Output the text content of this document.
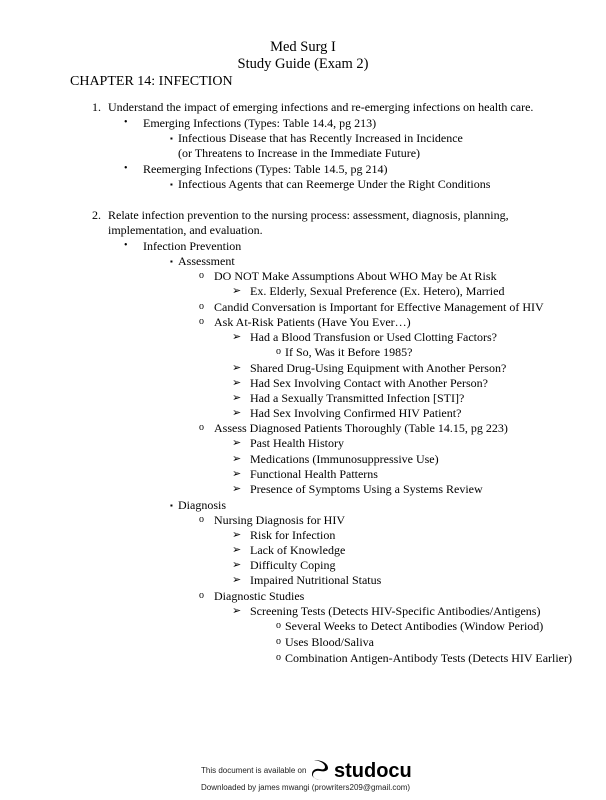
Med Surg I
Study Guide (Exam 2)
CHAPTER 14: INFECTION
1. Understand the impact of emerging infections and re-emerging infections on health care.
• Emerging Infections (Types: Table 14.4, pg 213)
▪ Infectious Disease that has Recently Increased in Incidence
(or Threatens to Increase in the Immediate Future)
• Reemerging Infections (Types: Table 14.5, pg 214)
▪ Infectious Agents that can Reemerge Under the Right Conditions
2. Relate infection prevention to the nursing process: assessment, diagnosis, planning,
implementation, and evaluation.
• Infection Prevention
▪ Assessment
o DO NOT Make Assumptions About WHO May be At Risk
➢ Ex. Elderly, Sexual Preference (Ex. Hetero), Married
o Candid Conversation is Important for Effective Management of HIV
o Ask At-Risk Patients (Have You Ever…)
➢ Had a Blood Transfusion or Used Clotting Factors?
o If So, Was it Before 1985?
➢ Shared Drug-Using Equipment with Another Person?
➢ Had Sex Involving Contact with Another Person?
➢ Had a Sexually Transmitted Infection [STI]?
➢ Had Sex Involving Confirmed HIV Patient?
o Assess Diagnosed Patients Thoroughly (Table 14.15, pg 223)
➢ Past Health History
➢ Medications (Immunosuppressive Use)
➢ Functional Health Patterns
➢ Presence of Symptoms Using a Systems Review
▪ Diagnosis
o Nursing Diagnosis for HIV
➢ Risk for Infection
➢ Lack of Knowledge
➢ Difficulty Coping
➢ Impaired Nutritional Status
o Diagnostic Studies
➢ Screening Tests (Detects HIV-Specific Antibodies/Antigens)
o Several Weeks to Detect Antibodies (Window Period)
o Uses Blood/Saliva
o Combination Antigen-Antibody Tests (Detects HIV Earlier)
This document is available on studocu
Downloaded by james mwangi (prowriters209@gmail.com)
